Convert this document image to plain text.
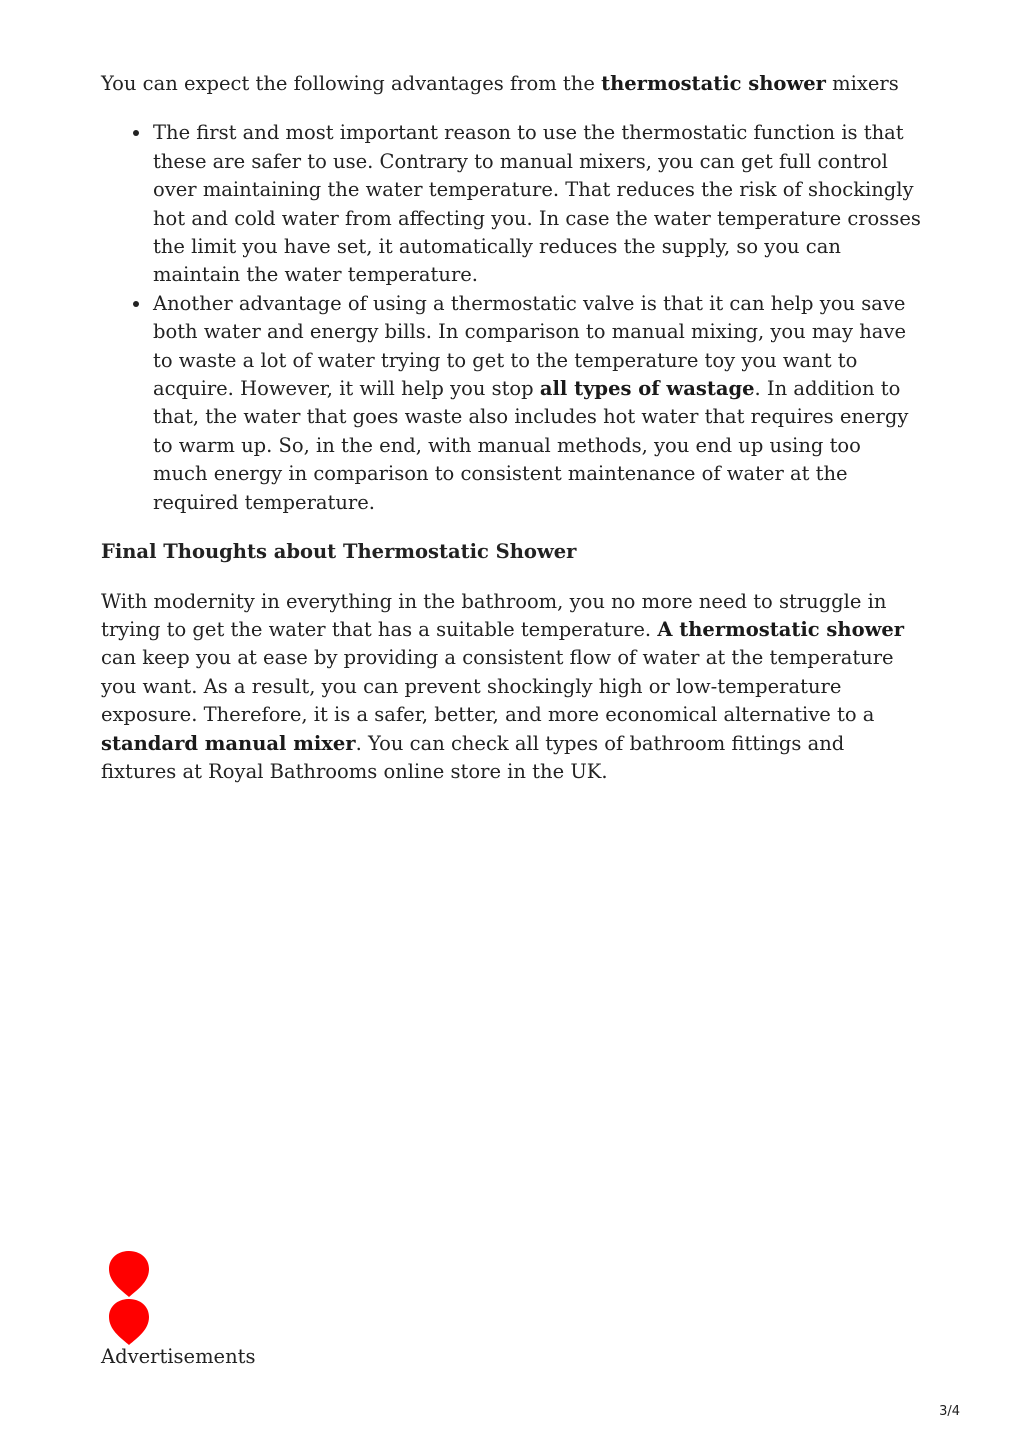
You can expect the following advantages from the thermostatic shower mixers

The first and most important reason to use the thermostatic function is that these are safer to use. Contrary to manual mixers, you can get full control over maintaining the water temperature. That reduces the risk of shockingly hot and cold water from affecting you. In case the water temperature crosses the limit you have set, it automatically reduces the supply, so you can maintain the water temperature.
Another advantage of using a thermostatic valve is that it can help you save both water and energy bills. In comparison to manual mixing, you may have to waste a lot of water trying to get to the temperature toy you want to acquire. However, it will help you stop all types of wastage. In addition to that, the water that goes waste also includes hot water that requires energy to warm up. So, in the end, with manual methods, you end up using too much energy in comparison to consistent maintenance of water at the required temperature.
Final Thoughts about Thermostatic Shower

With modernity in everything in the bathroom, you no more need to struggle in trying to get the water that has a suitable temperature. A thermostatic shower can keep you at ease by providing a consistent flow of water at the temperature you want. As a result, you can prevent shockingly high or low-temperature exposure. Therefore, it is a safer, better, and more economical alternative to a standard manual mixer. You can check all types of bathroom fittings and fixtures at Royal Bathrooms online store in the UK.

Advertisements
3/4
